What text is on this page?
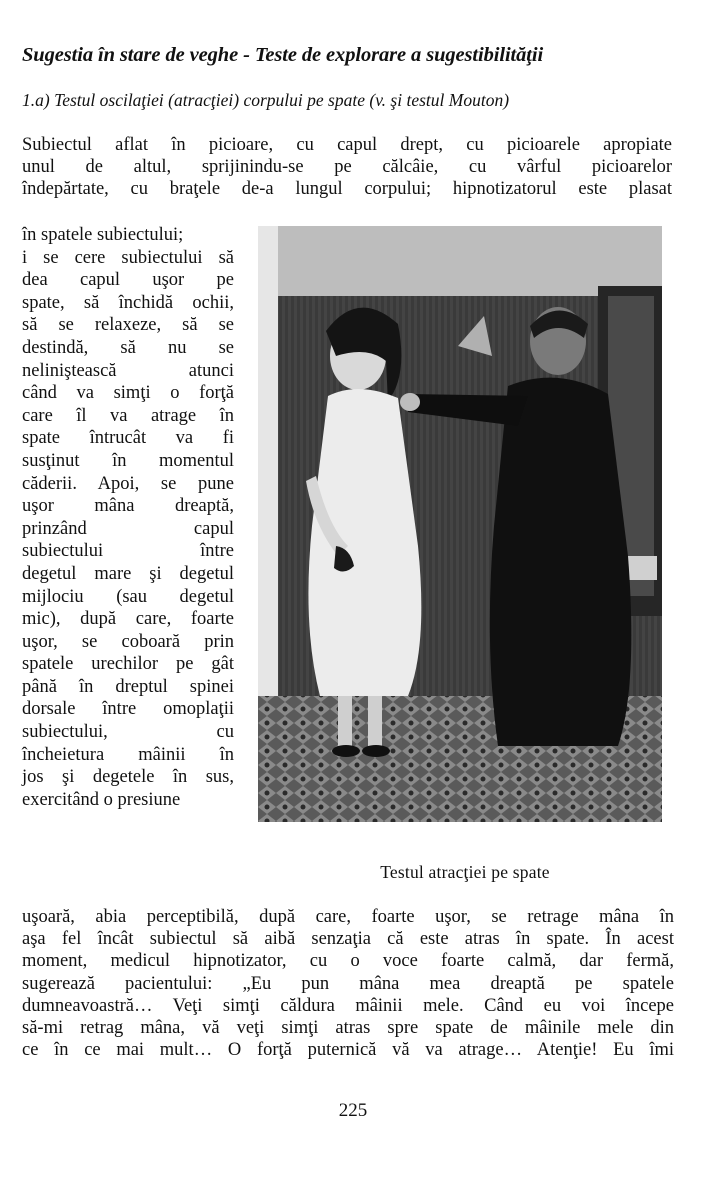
Sugestia în stare de veghe - Teste de explorare a sugestibilităţii
1.a) Testul oscilaţiei (atracţiei) corpului pe spate (v. şi testul Mouton)
Subiectul aflat în picioare, cu capul drept, cu picioarele apropiate
unul de altul, sprijinindu-se pe călcâie, cu vârful picioarelor
îndepărtate, cu braţele de-a lungul corpului; hipnotizatorul este plasat
în spatele subiectului;
i se cere subiectului să
dea capul uşor pe
spate, să închidă ochii,
să se relaxeze, să se
destindă, să nu se
neliniştească atunci
când va simţi o forţă
care îl va atrage în
spate întrucât va fi
susţinut în momentul
căderii. Apoi, se pune
uşor mâna dreaptă,
prinzând capul
subiectului între
degetul mare şi degetul
mijlociu (sau degetul
mic), după care, foarte
uşor, se coboară prin
spatele urechilor pe gât
până în dreptul spinei
dorsale între omoplaţii
subiectului, cu
încheietura mâinii în
jos şi degetele în sus,
exercitând o presiune
Testul atracţiei pe spate
uşoară, abia perceptibilă, după care, foarte uşor, se retrage mâna în
aşa fel încât subiectul să aibă senzaţia că este atras în spate. În acest
moment, medicul hipnotizator, cu o voce foarte calmă, dar fermă,
sugerează pacientului: „Eu pun mâna mea dreaptă pe spatele
dumneavoastră… Veţi simţi căldura mâinii mele. Când eu voi începe
să-mi retrag mâna, vă veţi simţi atras spre spate de mâinile mele din
ce în ce mai mult… O forţă puternică vă va atrage… Atenţie! Eu îmi
225
